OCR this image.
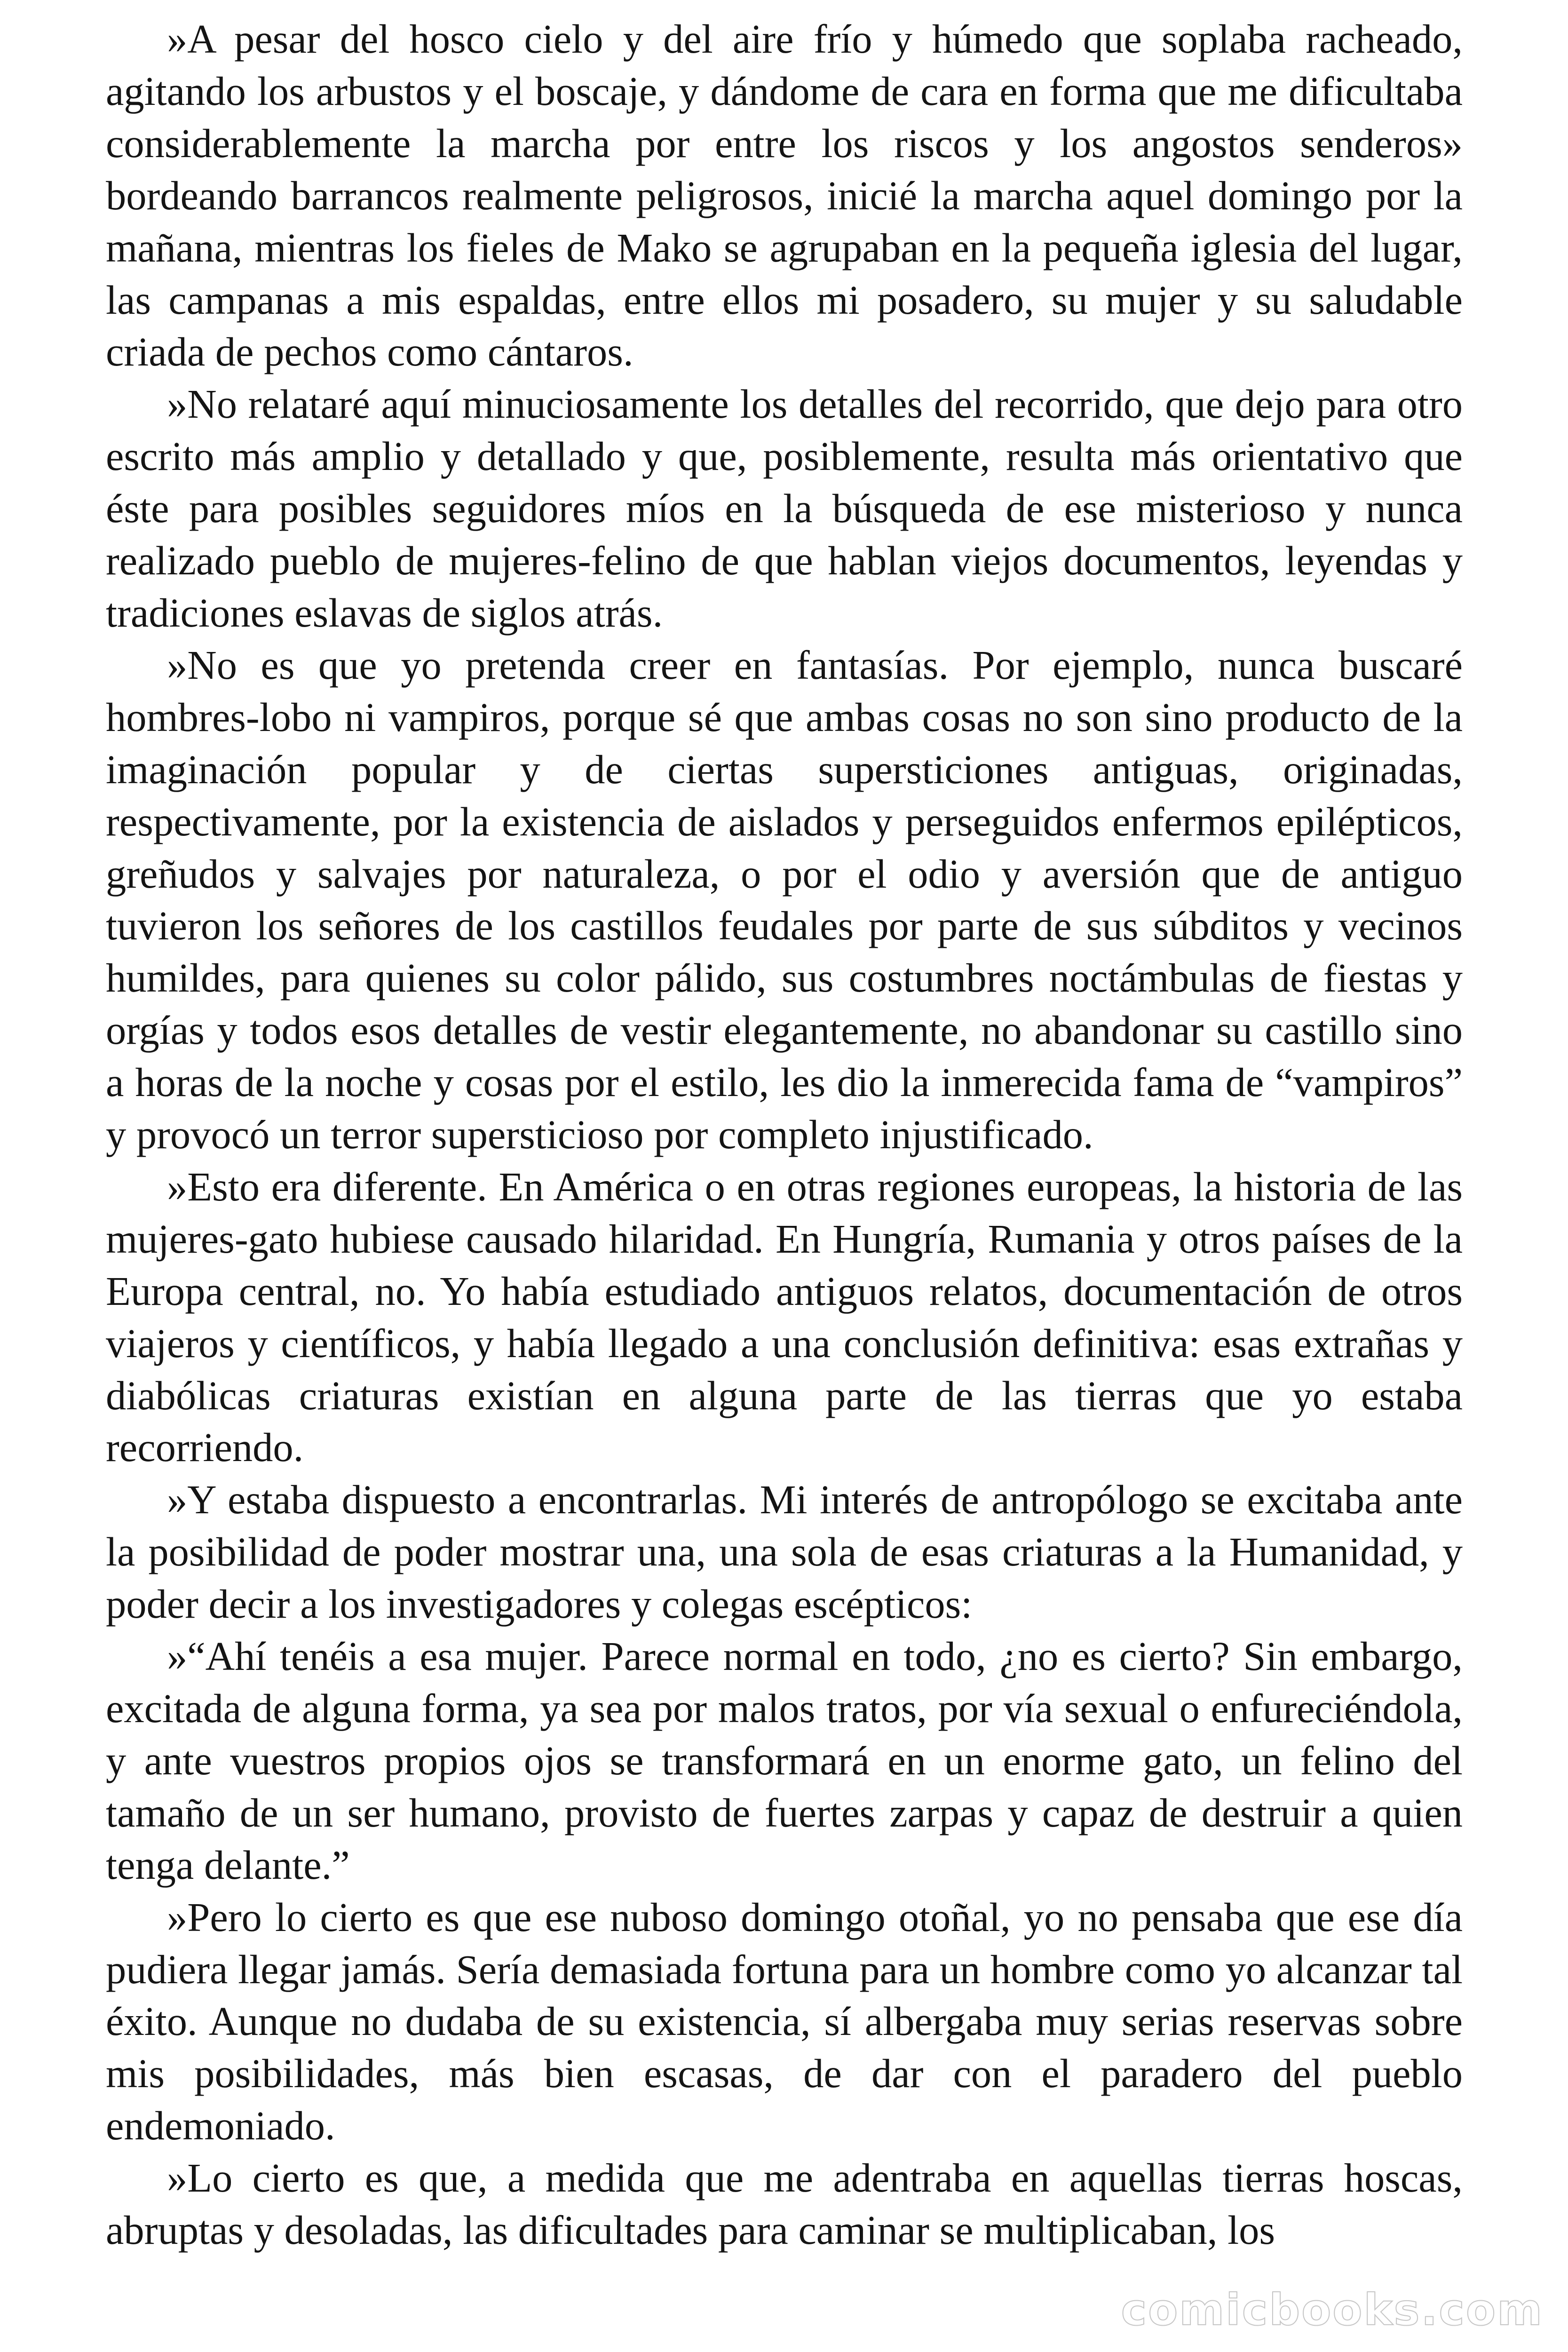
»A pesar del hosco cielo y del aire frío y húmedo que soplaba racheado, agitando los arbustos y el boscaje, y dándome de cara en forma que me dificultaba considerablemente la marcha por entre los riscos y los angostos senderos» bordeando barrancos realmente peligrosos, inicié la marcha aquel domingo por la mañana, mientras los fieles de Mako se agrupaban en la pequeña iglesia del lugar, las campanas a mis espaldas, entre ellos mi posadero, su mujer y su saludable criada de pechos como cántaros.

»No relataré aquí minuciosamente los detalles del recorrido, que dejo para otro escrito más amplio y detallado y que, posiblemente, resulta más orientativo que éste para posibles seguidores míos en la búsqueda de ese misterioso y nunca realizado pueblo de mujeres-felino de que hablan viejos documentos, leyendas y tradiciones eslavas de siglos atrás.

»No es que yo pretenda creer en fantasías. Por ejemplo, nunca buscaré hombres-lobo ni vampiros, porque sé que ambas cosas no son sino producto de la imaginación popular y de ciertas supersticiones antiguas, originadas, respectivamente, por la existencia de aislados y perseguidos enfermos epilépticos, greñudos y salvajes por naturaleza, o por el odio y aversión que de antiguo tuvieron los señores de los castillos feudales por parte de sus súbditos y vecinos humildes, para quienes su color pálido, sus costumbres noctámbulas de fiestas y orgías y todos esos detalles de vestir elegantemente, no abandonar su castillo sino a horas de la noche y cosas por el estilo, les dio la inmerecida fama de “vampiros” y provocó un terror supersticioso por completo injustificado.

»Esto era diferente. En América o en otras regiones europeas, la historia de las mujeres-gato hubiese causado hilaridad. En Hungría, Rumania y otros países de la Europa central, no. Yo había estudiado antiguos relatos, documentación de otros viajeros y científicos, y había llegado a una conclusión definitiva: esas extrañas y diabólicas criaturas existían en alguna parte de las tierras que yo estaba recorriendo.

»Y estaba dispuesto a encontrarlas. Mi interés de antropólogo se excitaba ante la posibilidad de poder mostrar una, una sola de esas criaturas a la Humanidad, y poder decir a los investigadores y colegas escépticos:

»“Ahí tenéis a esa mujer. Parece normal en todo, ¿no es cierto? Sin embargo, excitada de alguna forma, ya sea por malos tratos, por vía sexual o enfureciéndola, y ante vuestros propios ojos se transformará en un enorme gato, un felino del tamaño de un ser humano, provisto de fuertes zarpas y capaz de destruir a quien tenga delante.”

»Pero lo cierto es que ese nuboso domingo otoñal, yo no pensaba que ese día pudiera llegar jamás. Sería demasiada fortuna para un hombre como yo alcanzar tal éxito. Aunque no dudaba de su existencia, sí albergaba muy serias reservas sobre mis posibilidades, más bien escasas, de dar con el paradero del pueblo endemoniado.

»Lo cierto es que, a medida que me adentraba en aquellas tierras hoscas, abruptas y desoladas, las dificultades para caminar se multiplicaban, los

comicbooks.com
